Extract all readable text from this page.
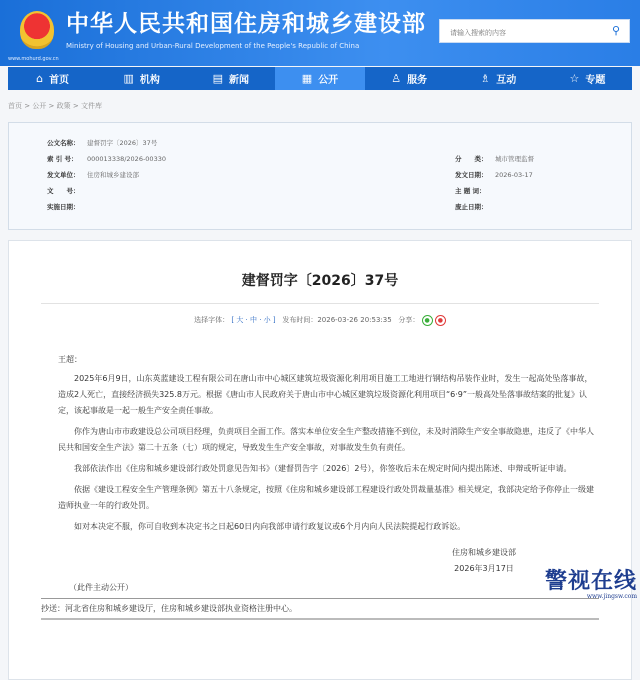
中华人民共和国住房和城乡建设部
Ministry of Housing and Urban-Rural Development of the People's Republic of China
www.mohurd.gov.cn
请输入搜索的内容
⚲
⌂ 首页	▥ 机构	▤ 新闻	▦ 公开	♙ 服务	♗ 互动	☆ 专题
首页 > 公开 > 政策 > 文件库
公文名称： 建督罚字〔2026〕37号
索 引 号： 000013338/2026-00330	分　　类： 城市管理监督
发文单位： 住房和城乡建设部	发文日期： 2026-03-17
文　　号：	主 题 词：
实施日期：	废止日期：
建督罚字〔2026〕37号
选择字体： [ 大 · 中 · 小 ] 发布时间：2026-03-26 20:53:35 分享： ● ●

王超：

2025年6月9日，山东英蓝建设工程有限公司在唐山市中心城区建筑垃圾资源化利用项目施工工地进行钢结构吊装作业时，发生一起高处坠落事故，造成2人死亡，直接经济损失325.8万元。根据《唐山市人民政府关于唐山市中心城区建筑垃圾资源化利用项目“6·9”一般高处坠落事故结案的批复》认定，该起事故是一起一般生产安全责任事故。

你作为唐山市市政建设总公司项目经理，负责项目全面工作。落实本单位安全生产整改措施不到位，未及时消除生产安全事故隐患，违反了《中华人民共和国安全生产法》第二十五条（七）项的规定，导致发生生产安全事故，对事故发生负有责任。

我部依法作出《住房和城乡建设部行政处罚意见告知书》（建督罚告字〔2026〕2号），你签收后未在规定时间内提出陈述、申辩或听证申请。

依据《建设工程安全生产管理条例》第五十八条规定，按照《住房和城乡建设部工程建设行政处罚裁量基准》相关规定，我部决定给予你停止一级建造师执业一年的行政处罚。

如对本决定不服，你可自收到本决定书之日起60日内向我部申请行政复议或6个月内向人民法院提起行政诉讼。

住房和城乡建设部
2026年3月17日
（此件主动公开）
抄送：河北省住房和城乡建设厅，住房和城乡建设部执业资格注册中心。
警视在线
www.jingsw.com
